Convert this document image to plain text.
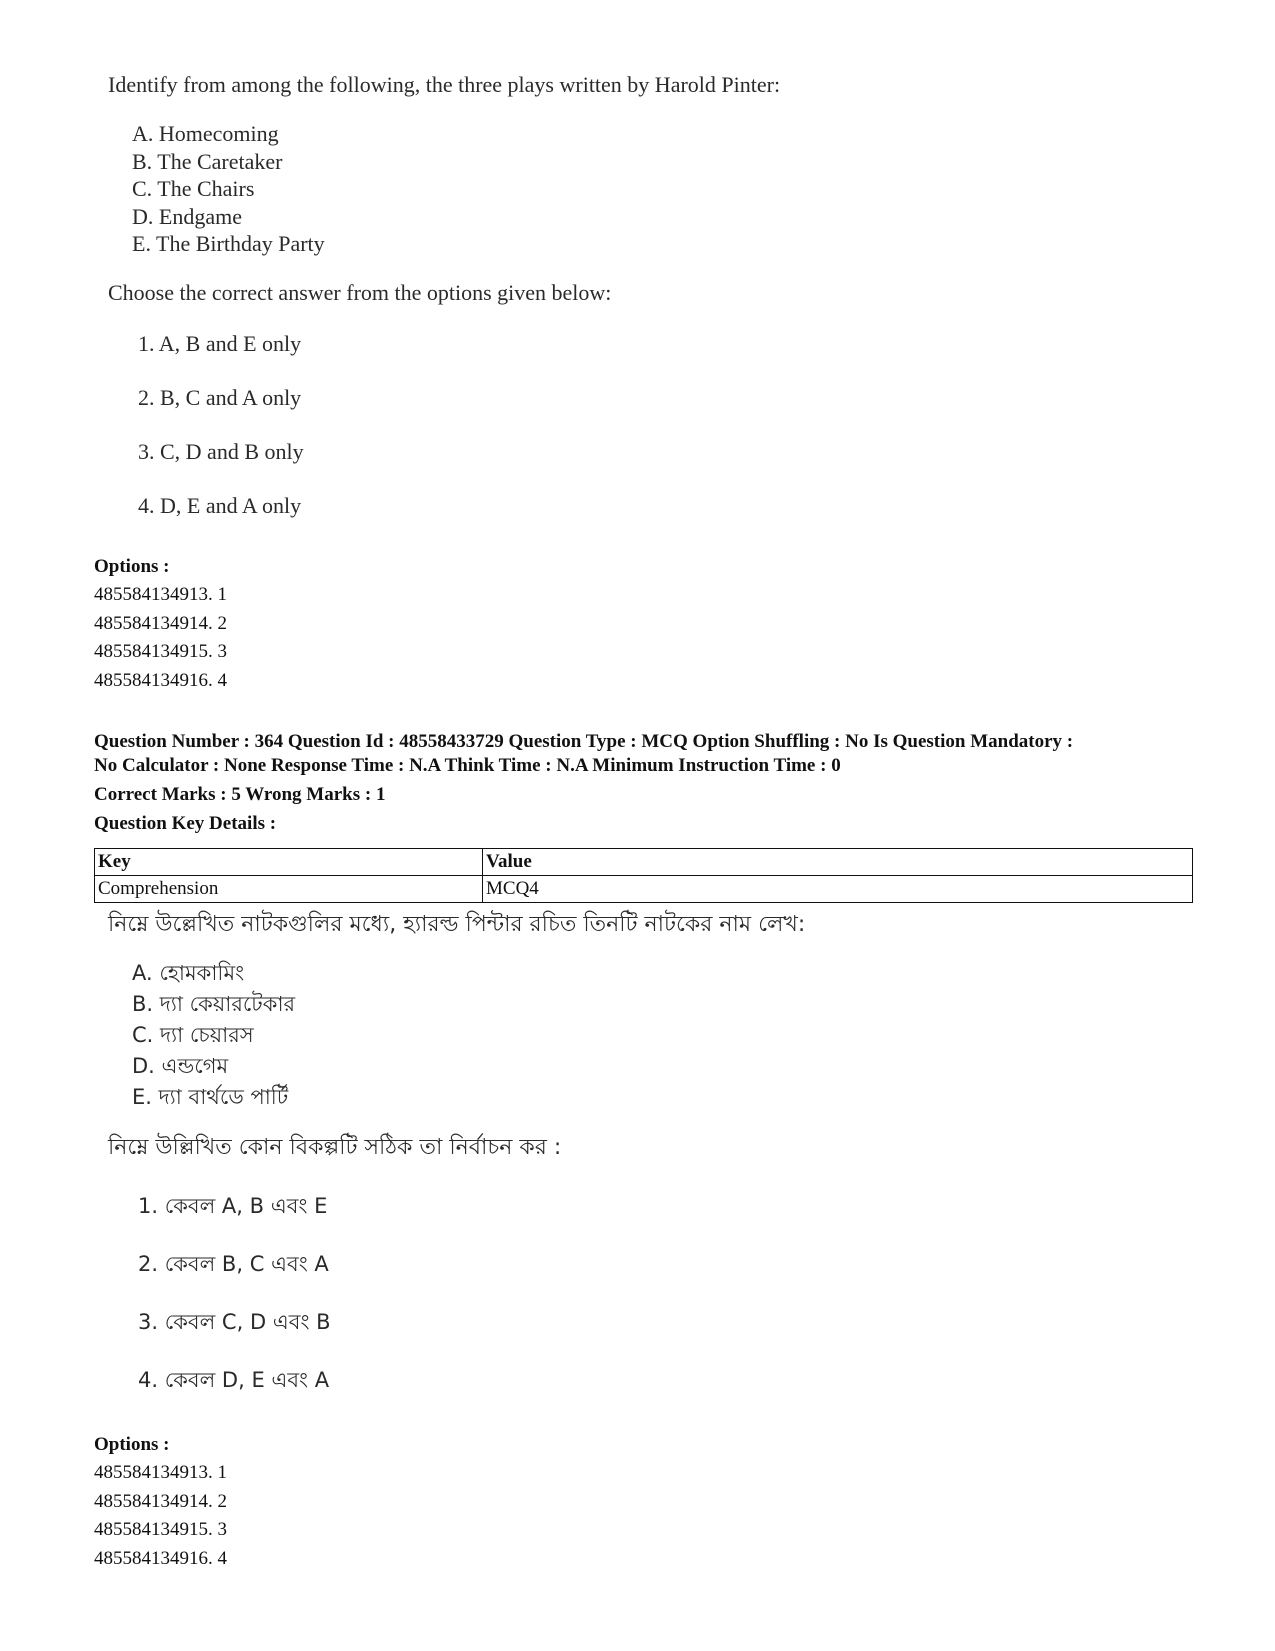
Identify from among the following, the three plays written by Harold Pinter:

A. Homecoming
B. The Caretaker
C. The Chairs
D. Endgame
E. The Birthday Party

Choose the correct answer from the options given below:

1. A, B and E only
2. B, C and A only
3. C, D and B only
4. D, E and A only
Options :
485584134913. 1
485584134914. 2
485584134915. 3
485584134916. 4
Question Number : 364 Question Id : 48558433729 Question Type : MCQ Option Shuffling : No Is Question Mandatory :
No Calculator : None Response Time : N.A Think Time : N.A Minimum Instruction Time : 0
Correct Marks : 5 Wrong Marks : 1
Question Key Details :
Key	Value
Comprehension	MCQ4

নিম্নে উল্লেখিত নাটকগুলির মধ্যে, হ্যারল্ড পিন্টার রচিত তিনটি নাটকের নাম লেখ:

A. হোমকামিং
B. দ্যা কেয়ারটেকার
C. দ্যা চেয়ারস
D. এন্ডগেম
E. দ্যা বার্থডে পার্টি

নিম্নে উল্লিখিত কোন বিকল্পটি সঠিক তা নির্বাচন কর :

1. কেবল A, B এবং E
2. কেবল B, C এবং A
3. কেবল C, D এবং B
4. কেবল D, E এবং A
Options :
485584134913. 1
485584134914. 2
485584134915. 3
485584134916. 4
